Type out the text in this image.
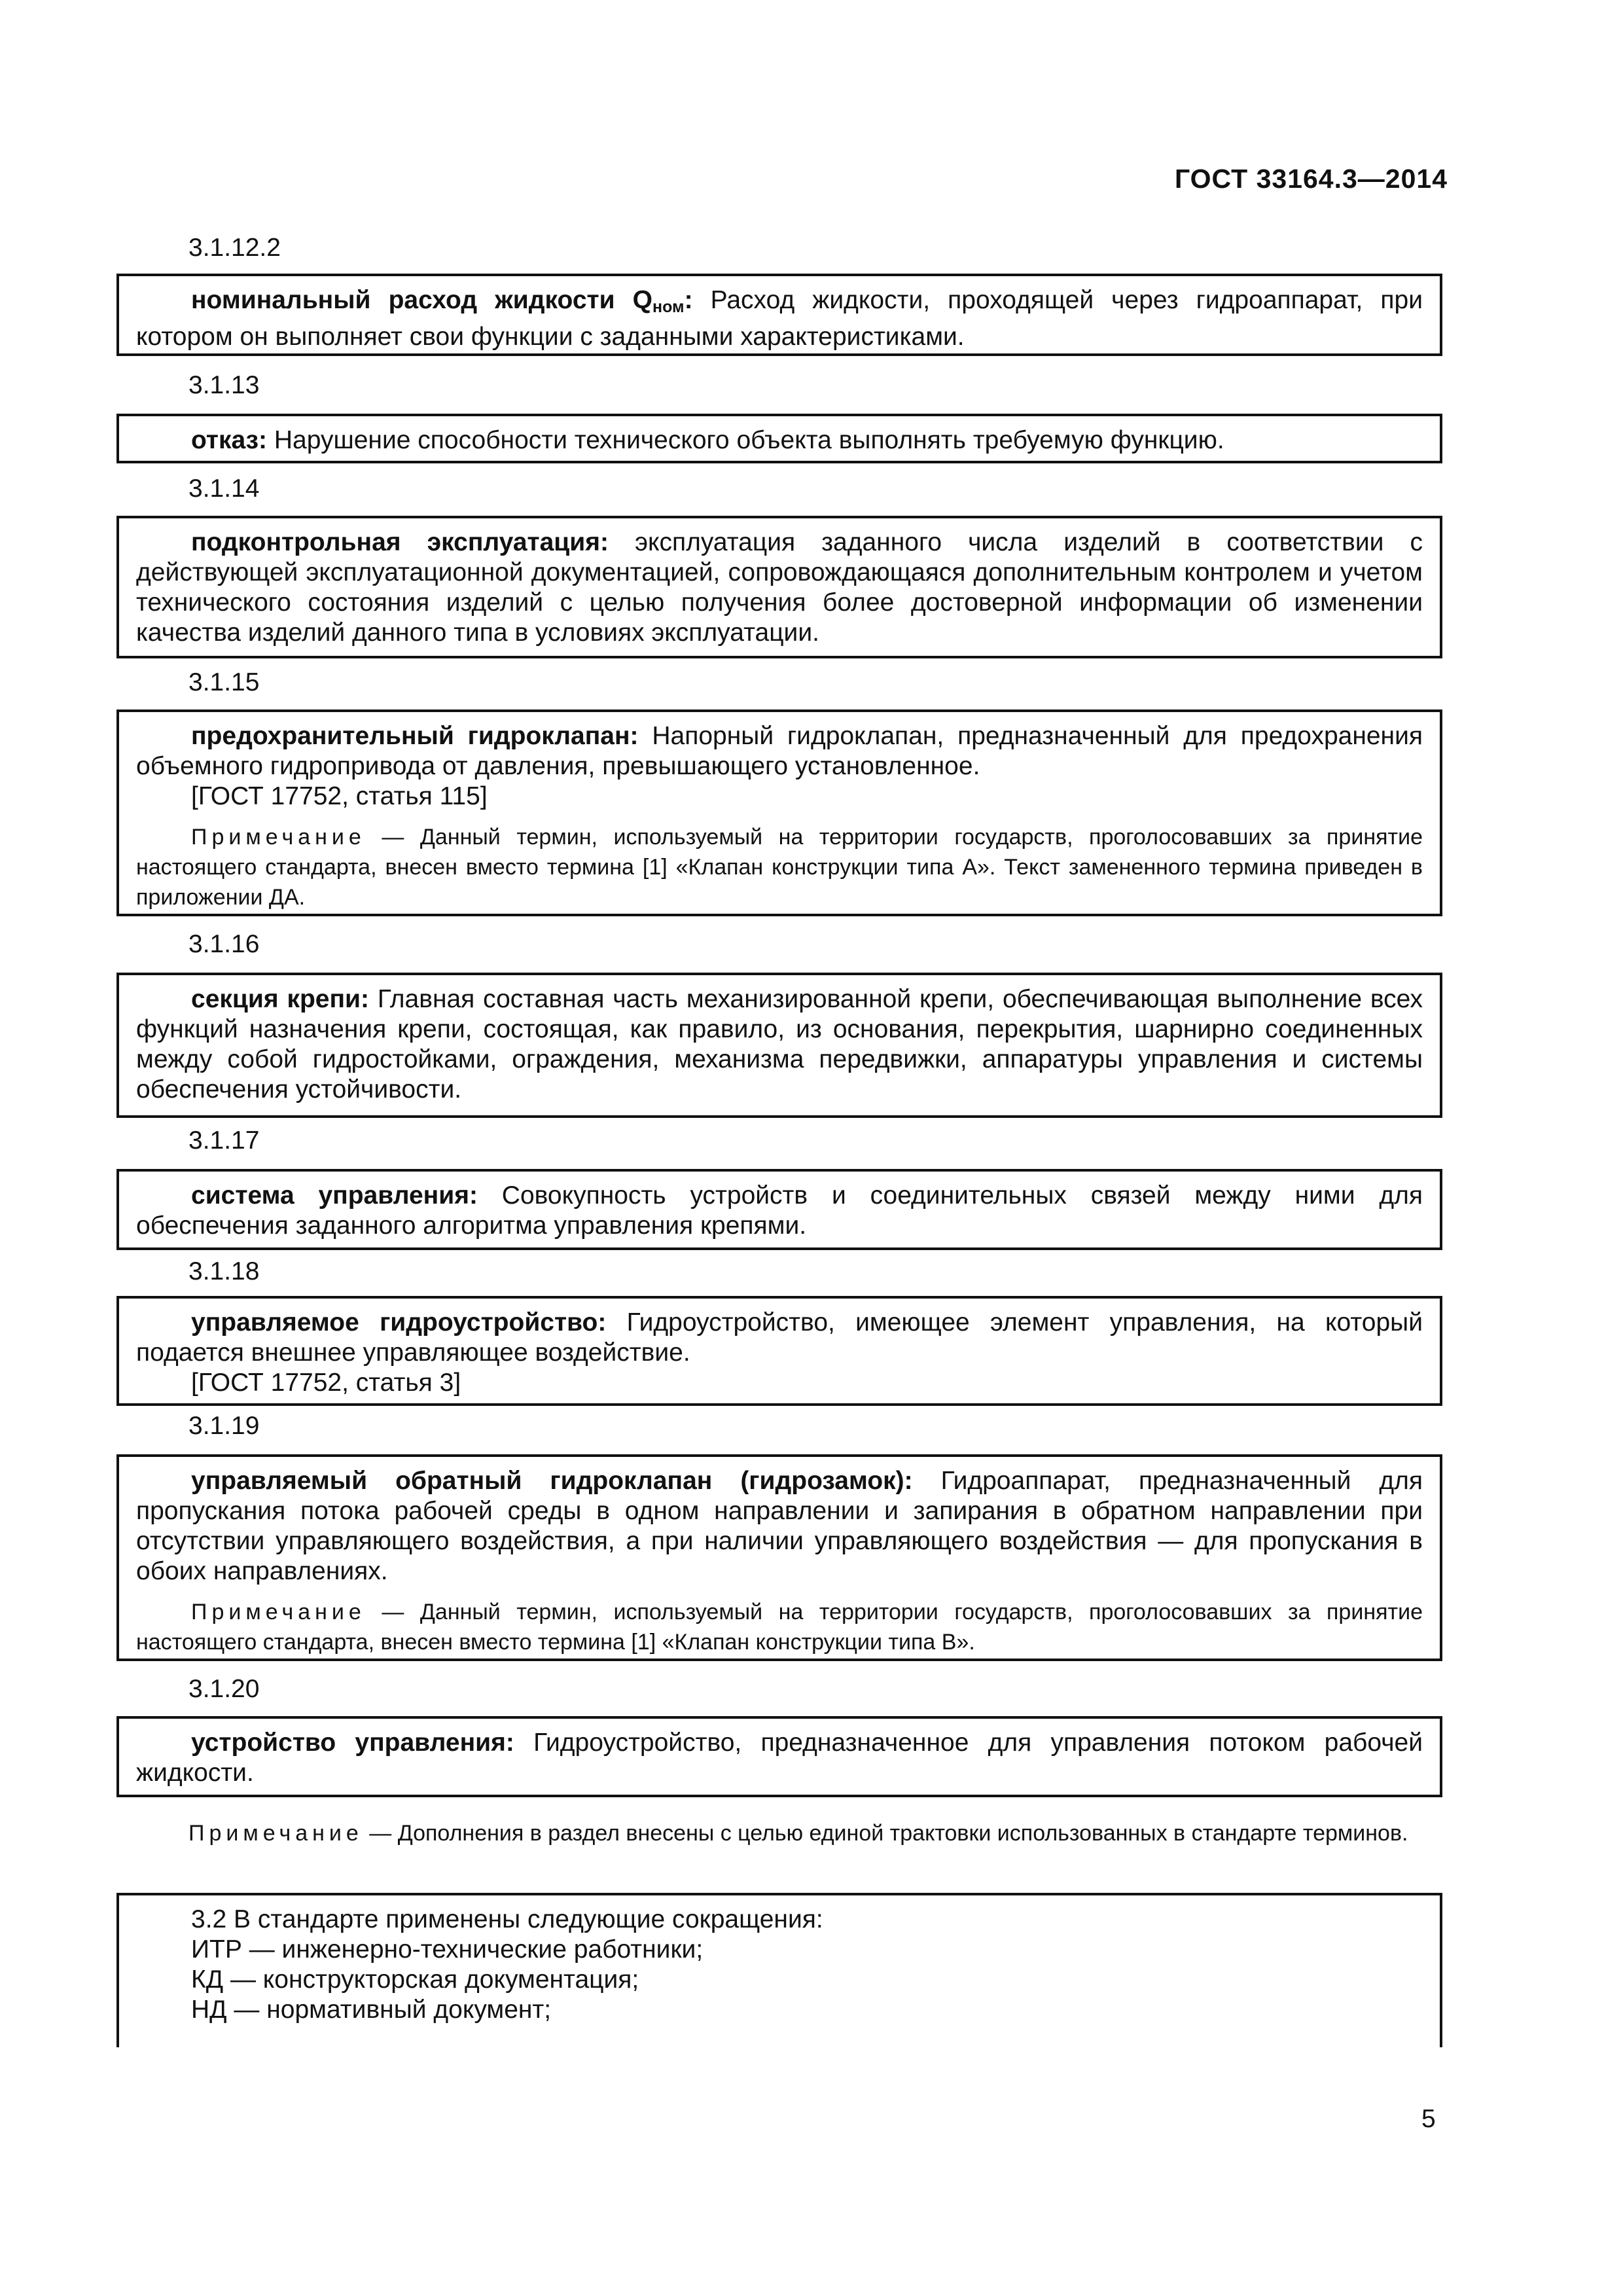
ГОСТ 33164.3—2014
3.1.12.2

номинальный расход жидкости $Q_{ном}$: Расход жидкости, проходящей через гидроаппарат, при котором он выполняет свои функции с заданными характеристиками.

3.1.13

отказ: Нарушение способности технического объекта выполнять требуемую функцию.

3.1.14

подконтрольная эксплуатация: эксплуатация заданного числа изделий в соответствии с действующей эксплуатационной документацией, сопровождающаяся дополнительным контролем и учетом технического состояния изделий с целью получения более достоверной информации об изменении качества изделий данного типа в условиях эксплуатации.

3.1.15

предохранительный гидроклапан: Напорный гидроклапан, предназначенный для предохранения объемного гидропривода от давления, превышающего установленное.

[ГОСТ 17752, статья 115]

Примечание — Данный термин, используемый на территории государств, проголосовавших за принятие настоящего стандарта, внесен вместо термина [1] «Клапан конструкции типа А». Текст замененного термина приведен в приложении ДА.

3.1.16

секция крепи: Главная составная часть механизированной крепи, обеспечивающая выполнение всех функций назначения крепи, состоящая, как правило, из основания, перекрытия, шарнирно соединенных между собой гидростойками, ограждения, механизма передвижки, аппаратуры управления и системы обеспечения устойчивости.

3.1.17

система управления: Совокупность устройств и соединительных связей между ними для обеспечения заданного алгоритма управления крепями.

3.1.18

управляемое гидроустройство: Гидроустройство, имеющее элемент управления, на который подается внешнее управляющее воздействие.

[ГОСТ 17752, статья 3]

3.1.19

управляемый обратный гидроклапан (гидрозамок): Гидроаппарат, предназначенный для пропускания потока рабочей среды в одном направлении и запирания в обратном направлении при отсутствии управляющего воздействия, а при наличии управляющего воздействия — для пропускания в обоих направлениях.

Примечание — Данный термин, используемый на территории государств, проголосовавших за принятие настоящего стандарта, внесен вместо термина [1] «Клапан конструкции типа В».

3.1.20

устройство управления: Гидроустройство, предназначенное для управления потоком рабочей жидкости.

Примечание — Дополнения в раздел внесены с целью единой трактовки использованных в стандарте терминов.

3.2 В стандарте применены следующие сокращения:

ИТР — инженерно-технические работники;

КД — конструкторская документация;

НД — нормативный документ;

5
